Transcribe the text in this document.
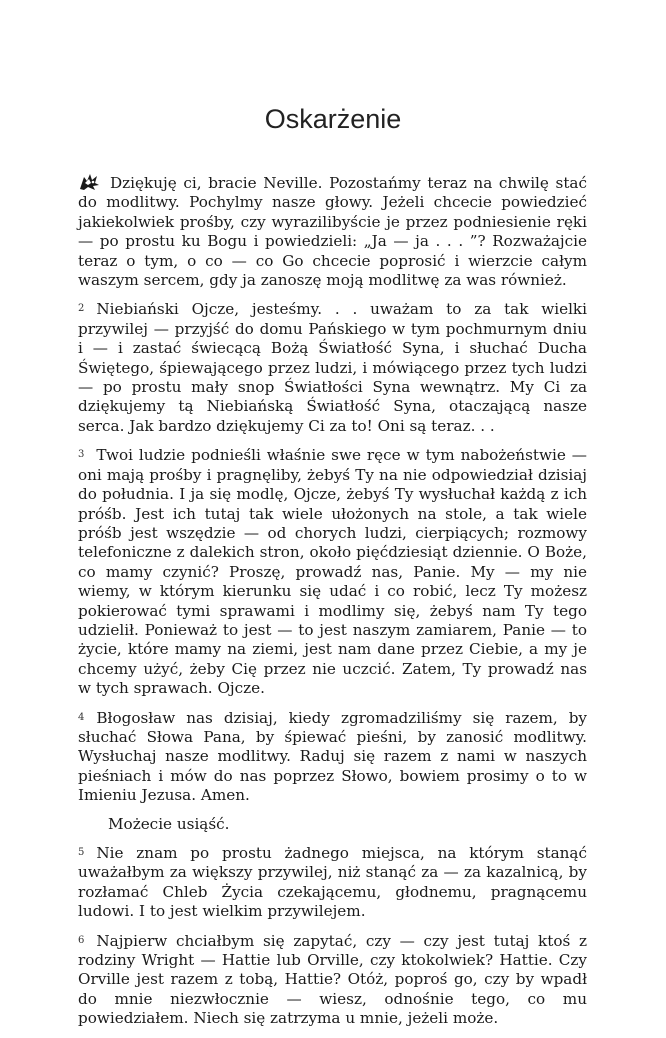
Oskarżenie

Dziękuję ci, bracie Neville. Pozostańmy teraz na chwilę stać do modlitwy. Pochylmy nasze głowy. Jeżeli chcecie powiedzieć jakiekolwiek prośby, czy wyrazilibyście je przez podniesienie ręki — po prostu ku Bogu i powiedzieli: „Ja — ja . . . ”? Rozważajcie teraz o tym, o co — co Go chcecie poprosić i wierzcie całym waszym sercem, gdy ja zanoszę moją modlitwę za was również.

2 Niebiański Ojcze, jesteśmy. . . uważam to za tak wielki przywilej — przyjść do domu Pańskiego w tym pochmurnym dniu i — i zastać świecącą Bożą Światłość Syna, i słuchać Ducha Świętego, śpiewającego przez ludzi, i mówiącego przez tych ludzi — po prostu mały snop Światłości Syna wewnątrz. My Ci za dziękujemy tą Niebiańską Światłość Syna, otaczającą nasze serca. Jak bardzo dziękujemy Ci za to! Oni są teraz. . .

3 Twoi ludzie podnieśli właśnie swe ręce w tym nabożeństwie — oni mają prośby i pragnęliby, żebyś Ty na nie odpowiedział dzisiaj do południa. I ja się modlę, Ojcze, żebyś Ty wysłuchał każdą z ich próśb. Jest ich tutaj tak wiele ułożonych na stole, a tak wiele próśb jest wszędzie — od chorych ludzi, cierpiących; rozmowy telefoniczne z dalekich stron, około pięćdziesiąt dziennie. O Boże, co mamy czynić? Proszę, prowadź nas, Panie. My — my nie wiemy, w którym kierunku się udać i co robić, lecz Ty możesz pokierować tymi sprawami i modlimy się, żebyś nam Ty tego udzielił. Ponieważ to jest — to jest naszym zamiarem, Panie — to życie, które mamy na ziemi, jest nam dane przez Ciebie, a my je chcemy użyć, żeby Cię przez nie uczcić. Zatem, Ty prowadź nas w tych sprawach. Ojcze.

4 Błogosław nas dzisiaj, kiedy zgromadziliśmy się razem, by słuchać Słowa Pana, by śpiewać pieśni, by zanosić modlitwy. Wysłuchaj nasze modlitwy. Raduj się razem z nami w naszych pieśniach i mów do nas poprzez Słowo, bowiem prosimy o to w Imieniu Jezusa. Amen.

Możecie usiąść.

5 Nie znam po prostu żadnego miejsca, na którym stanąć uważałbym za większy przywilej, niż stanąć za — za kazalnicą, by rozłamać Chleb Życia czekającemu, głodnemu, pragnącemu ludowi. I to jest wielkim przywilejem.

6 Najpierw chciałbym się zapytać, czy — czy jest tutaj ktoś z rodziny Wright — Hattie lub Orville, czy ktokolwiek? Hattie. Czy Orville jest razem z tobą, Hattie? Otóż, poproś go, czy by wpadł do mnie niezwłocznie — wiesz, odnośnie tego, co mu powiedziałem. Niech się zatrzyma u mnie, jeżeli może.
